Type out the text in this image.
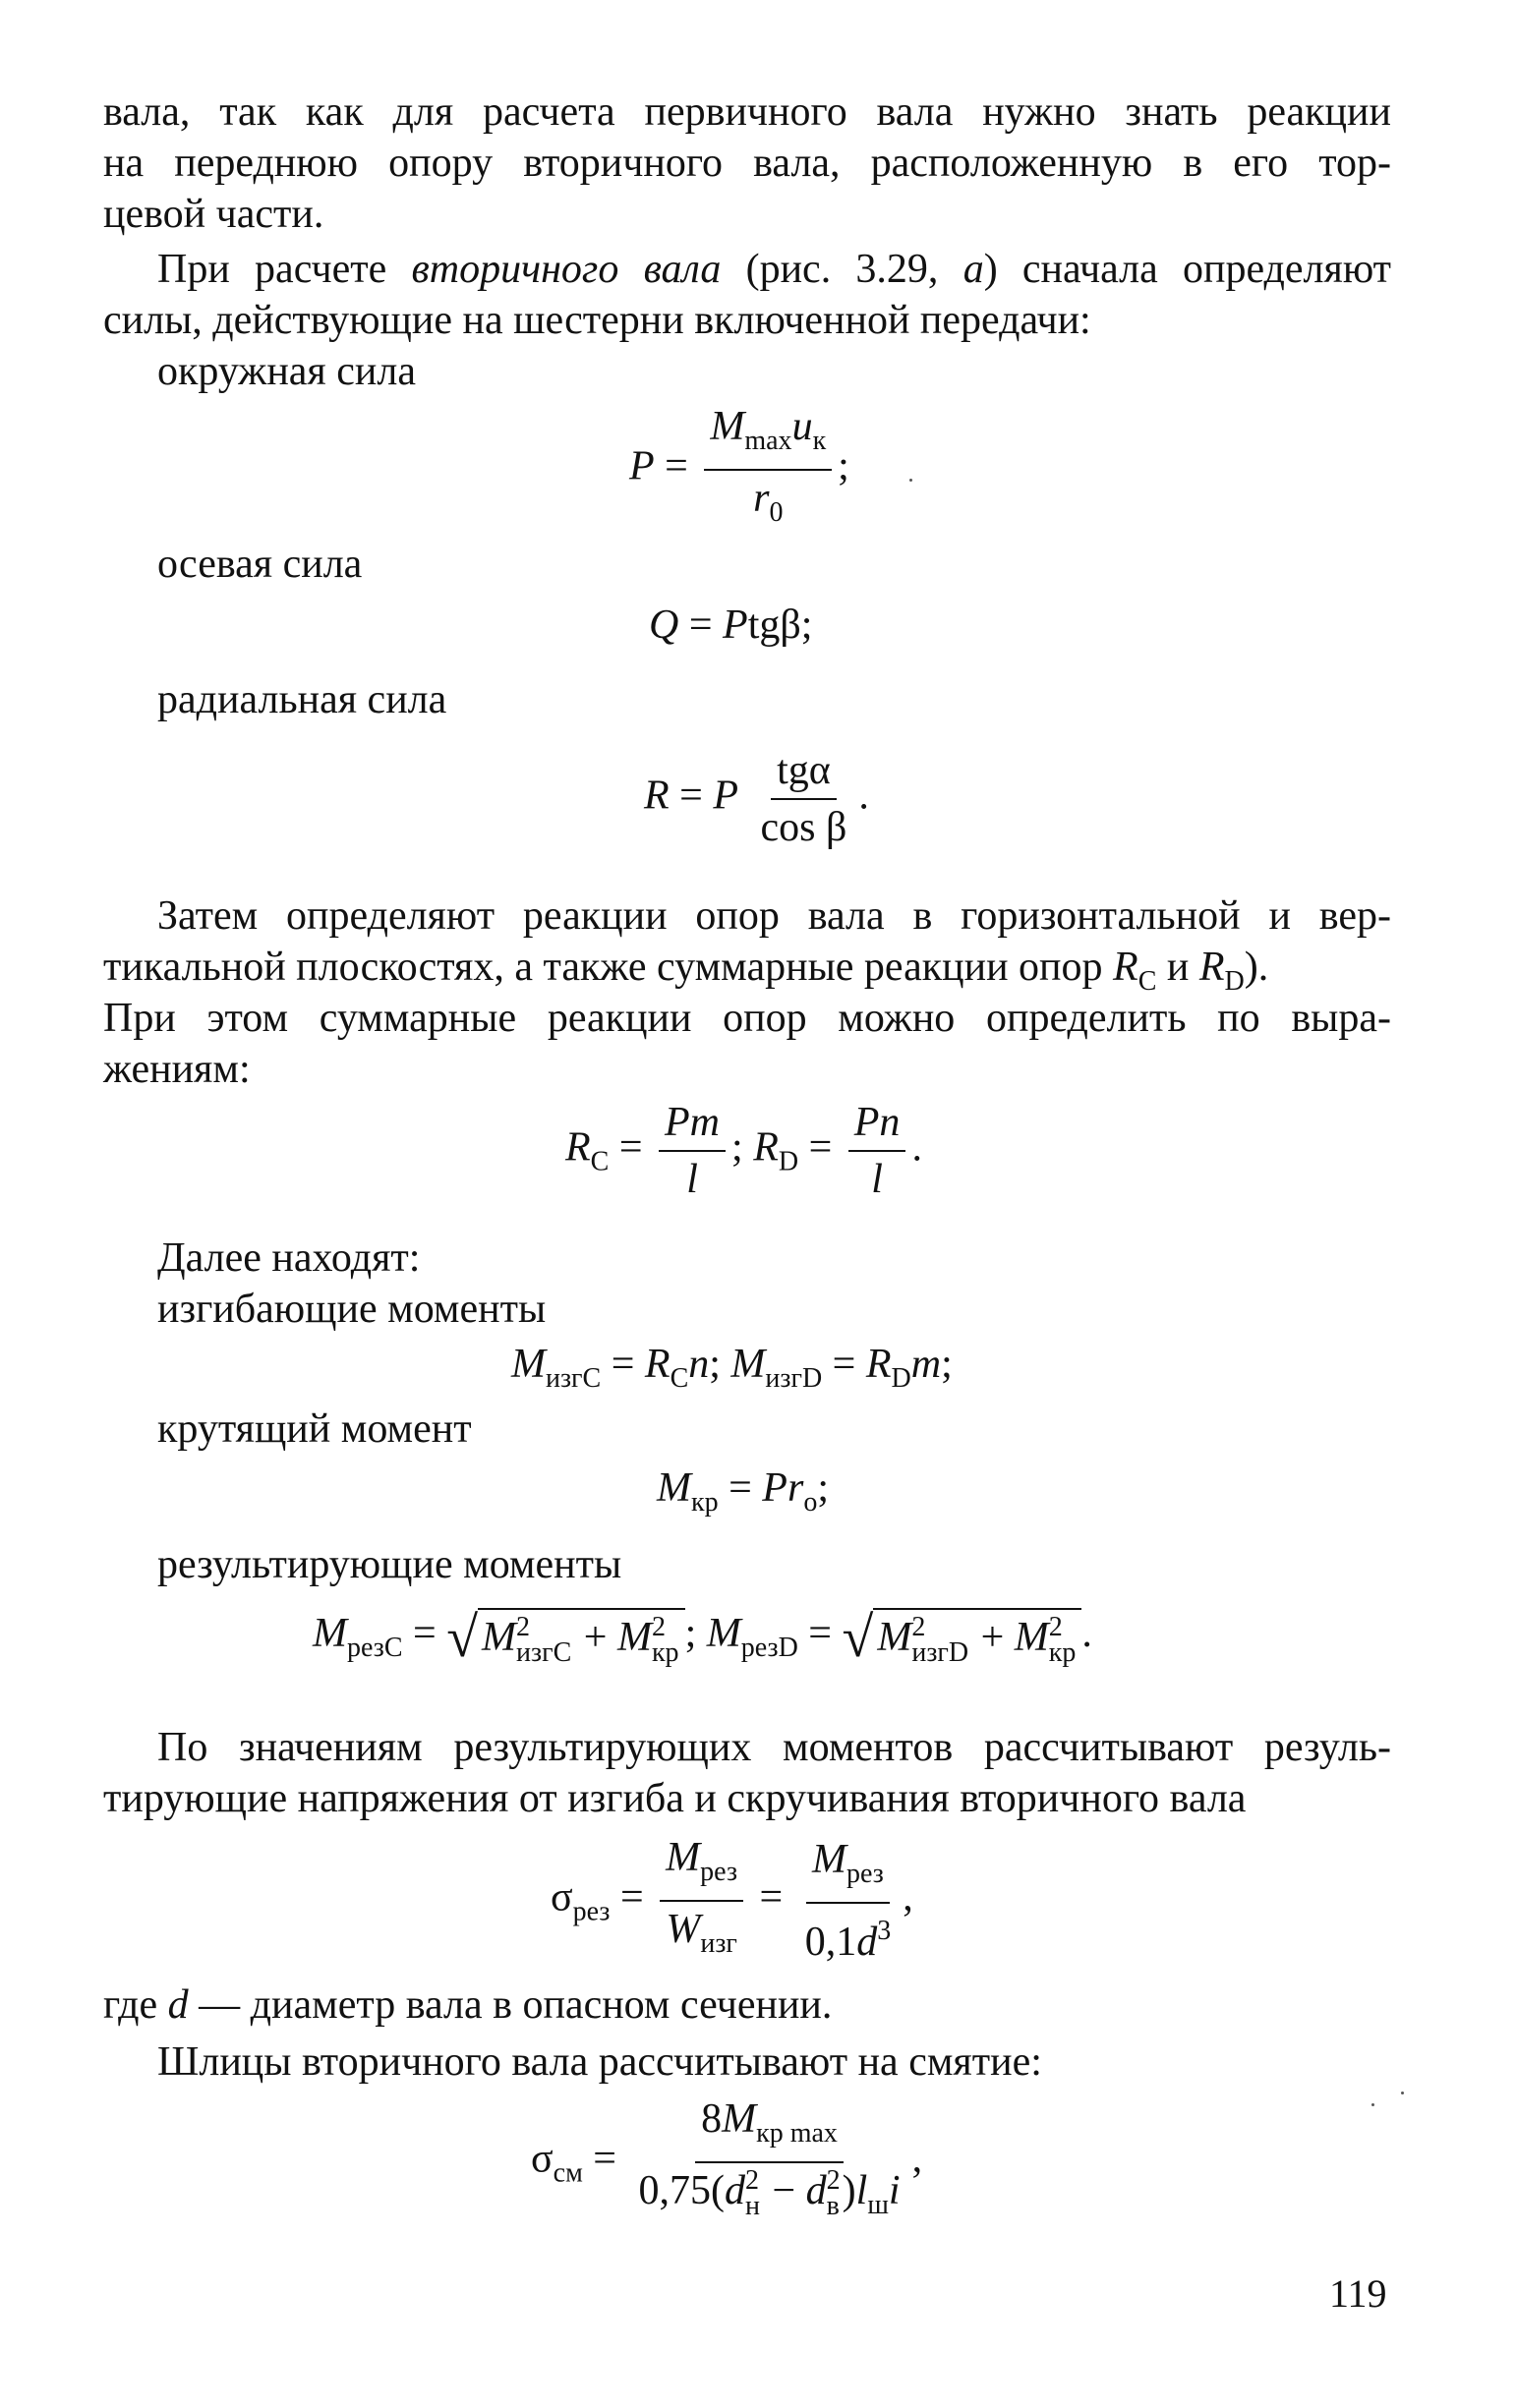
вала, так как для расчета первичного вала нужно знать реакции
на переднюю опору вторичного вала, расположенную в его тор-
цевой части.
При расчете вторичного вала (рис. 3.29, а) сначала определяют
силы, действующие на шестерни включенной передачи:
окружная сила
$P = \frac{M_{max}u_к}{r_0}$ ;
осевая сила
Q = Ptgβ;
радиальная сила
R = P $\frac{\text{tgα}}{\text{cos β}}$ .
Затем определяют реакции опор вала в горизонтальной и вер-
тикальной плоскостях, а также суммарные реакции опор $R_C$ и $R_D$).
При этом суммарные реакции опор можно определить по выра-
жениям:
$R_C = \frac{Pm}{l}$ ; $R_D = \frac{Pn}{l}$ .
Далее находят:
изгибающие моменты
$M_{изгC} = R_Cn$; $M_{изгD} = R_Dm$;
крутящий момент
$M_{кр} = Pr_о$;
результирующие моменты
$M_{резC} = √M$ 2
изгC + M 2
кр ; $M_{резD} = √M$ 2
изгD + M 2
кр .
По значениям результирующих моментов рассчитывают резуль-
тирующие напряжения от изгиба и скручивания вторичного вала
$\sigma_{рез} = \frac{M_{рез}}{W_{изг}} = \frac{M_{рез}}{0,1d^3}$ ,
где d — диаметр вала в опасном сечении.
Шлицы вторичного вала рассчитывают на смятие:
$\sigma_{см} = 8M_{кр max}$
0,75(d 2
н − d 2
в )$l_шi$ ,
119
